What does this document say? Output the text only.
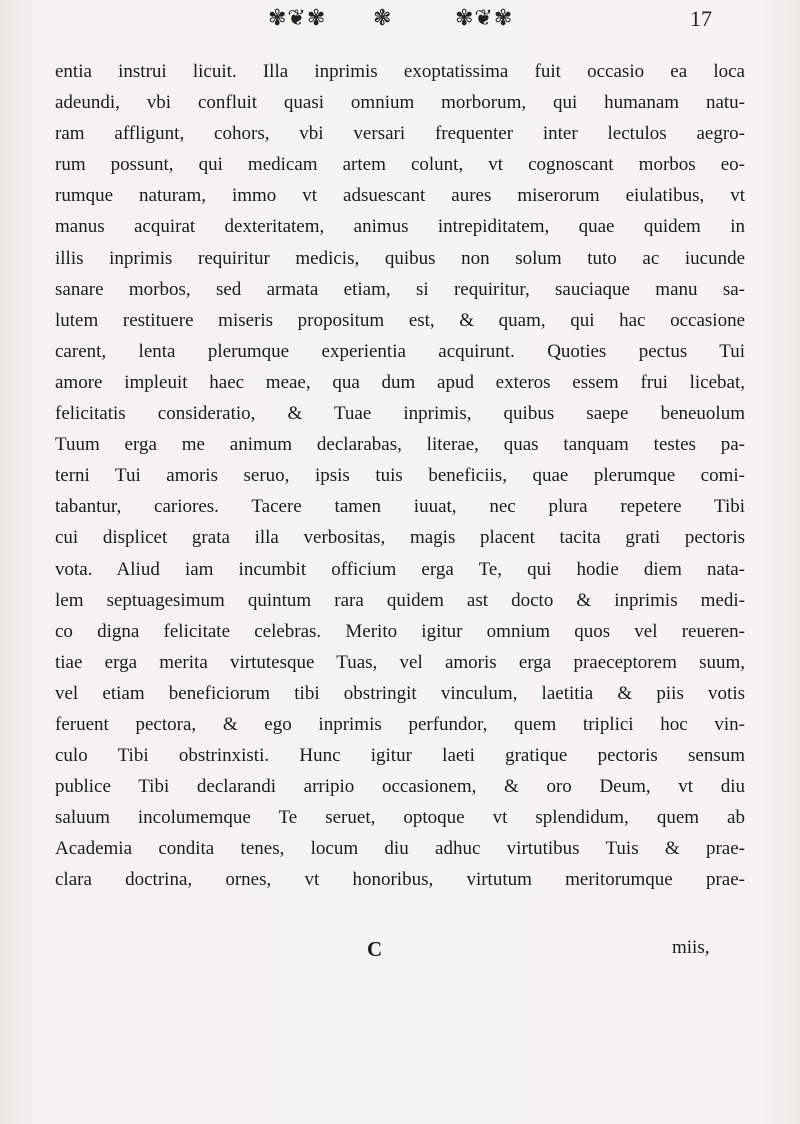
✾❦✾ ❃	✾❦✾	17
entia instrui licuit. Illa inprimis exoptatissima fuit occasio ea loca
adeundi, vbi confluit quasi omnium morborum, qui humanam natu-
ram affligunt, cohors, vbi versari frequenter inter lectulos aegro-
rum possunt, qui medicam artem colunt, vt cognoscant morbos eo-
rumque naturam, immo vt adsuescant aures miserorum eiulatibus, vt
manus acquirat dexteritatem, animus intrepiditatem, quae quidem in
illis inprimis requiritur medicis, quibus non solum tuto ac iucunde
sanare morbos, sed armata etiam, si requiritur, sauciaque manu sa-
lutem restituere miseris propositum est, & quam, qui hac occasione
carent, lenta plerumque experientia acquirunt. Quoties pectus Tui
amore impleuit haec meae, qua dum apud exteros essem frui licebat,
felicitatis consideratio, & Tuae inprimis, quibus saepe beneuolum
Tuum erga me animum declarabas, literae, quas tanquam testes pa-
terni Tui amoris seruo, ipsis tuis beneficiis, quae plerumque comi-
tabantur, cariores. Tacere tamen iuuat, nec plura repetere Tibi
cui displicet grata illa verbositas, magis placent tacita grati pectoris
vota. Aliud iam incumbit officium erga Te, qui hodie diem nata-
lem septuagesimum quintum rara quidem ast docto & inprimis medi-
co digna felicitate celebras. Merito igitur omnium quos vel reueren-
tiae erga merita virtutesque Tuas, vel amoris erga praeceptorem suum,
vel etiam beneficiorum tibi obstringit vinculum, laetitia & piis votis
feruent pectora, & ego inprimis perfundor, quem triplici hoc vin-
culo Tibi obstrinxisti. Hunc igitur laeti gratique pectoris sensum
publice Tibi declarandi arripio occasionem, & oro Deum, vt diu
saluum incolumemque Te seruet, optoque vt splendidum, quem ab
Academia condita tenes, locum diu adhuc virtutibus Tuis & prae-
clara doctrina, ornes, vt honoribus, virtutum meritorumque prae-
C	miis,
